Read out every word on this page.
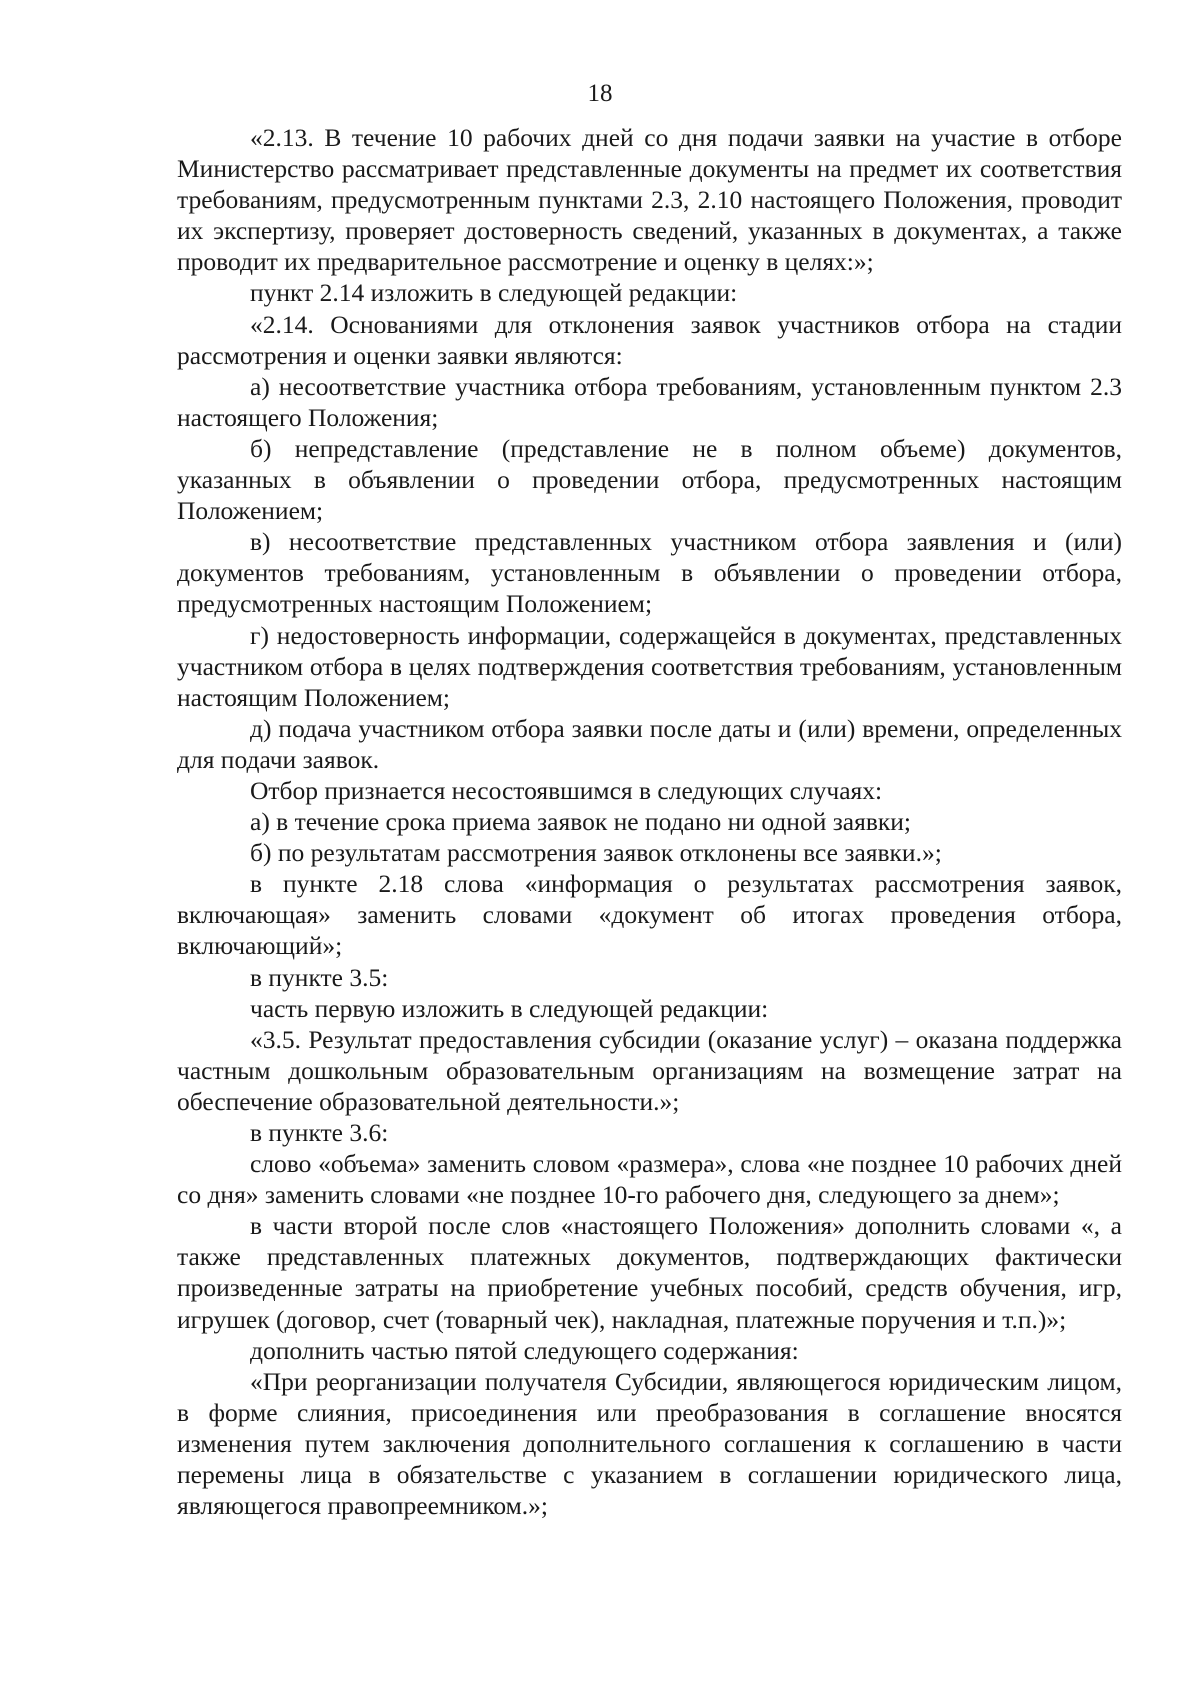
18

«2.13. В течение 10 рабочих дней со дня подачи заявки на участие в отборе Министерство рассматривает представленные документы на предмет их соответствия требованиям, предусмотренным пунктами 2.3, 2.10 настоящего Положения, проводит их экспертизу, проверяет достоверность сведений, указанных в документах, а также проводит их предварительное рассмотрение и оценку в целях:»;

пункт 2.14 изложить в следующей редакции:

«2.14. Основаниями для отклонения заявок участников отбора на стадии рассмотрения и оценки заявки являются:

а) несоответствие участника отбора требованиям, установленным пунктом 2.3 настоящего Положения;

б) непредставление (представление не в полном объеме) документов, указанных в объявлении о проведении отбора, предусмотренных настоящим Положением;

в) несоответствие представленных участником отбора заявления и (или) документов требованиям, установленным в объявлении о проведении отбора, предусмотренных настоящим Положением;

г) недостоверность информации, содержащейся в документах, представленных участником отбора в целях подтверждения соответствия требованиям, установленным настоящим Положением;

д) подача участником отбора заявки после даты и (или) времени, определенных для подачи заявок.

Отбор признается несостоявшимся в следующих случаях:

а) в течение срока приема заявок не подано ни одной заявки;

б) по результатам рассмотрения заявок отклонены все заявки.»;

в пункте 2.18 слова «информация о результатах рассмотрения заявок, включающая» заменить словами «документ об итогах проведения отбора, включающий»;

в пункте 3.5:

часть первую изложить в следующей редакции:

«3.5. Результат предоставления субсидии (оказание услуг) – оказана поддержка частным дошкольным образовательным организациям на возмещение затрат на обеспечение образовательной деятельности.»;

в пункте 3.6:

слово «объема» заменить словом «размера», слова «не позднее 10 рабочих дней со дня» заменить словами «не позднее 10-го рабочего дня, следующего за днем»;

в части второй после слов «настоящего Положения» дополнить словами «, а также представленных платежных документов, подтверждающих фактически произведенные затраты на приобретение учебных пособий, средств обучения, игр, игрушек (договор, счет (товарный чек), накладная, платежные поручения и т.п.)»;

дополнить частью пятой следующего содержания:

«При реорганизации получателя Субсидии, являющегося юридическим лицом, в форме слияния, присоединения или преобразования в соглашение вносятся изменения путем заключения дополнительного соглашения к соглашению в части перемены лица в обязательстве с указанием в соглашении юридического лица, являющегося правопреемником.»;
